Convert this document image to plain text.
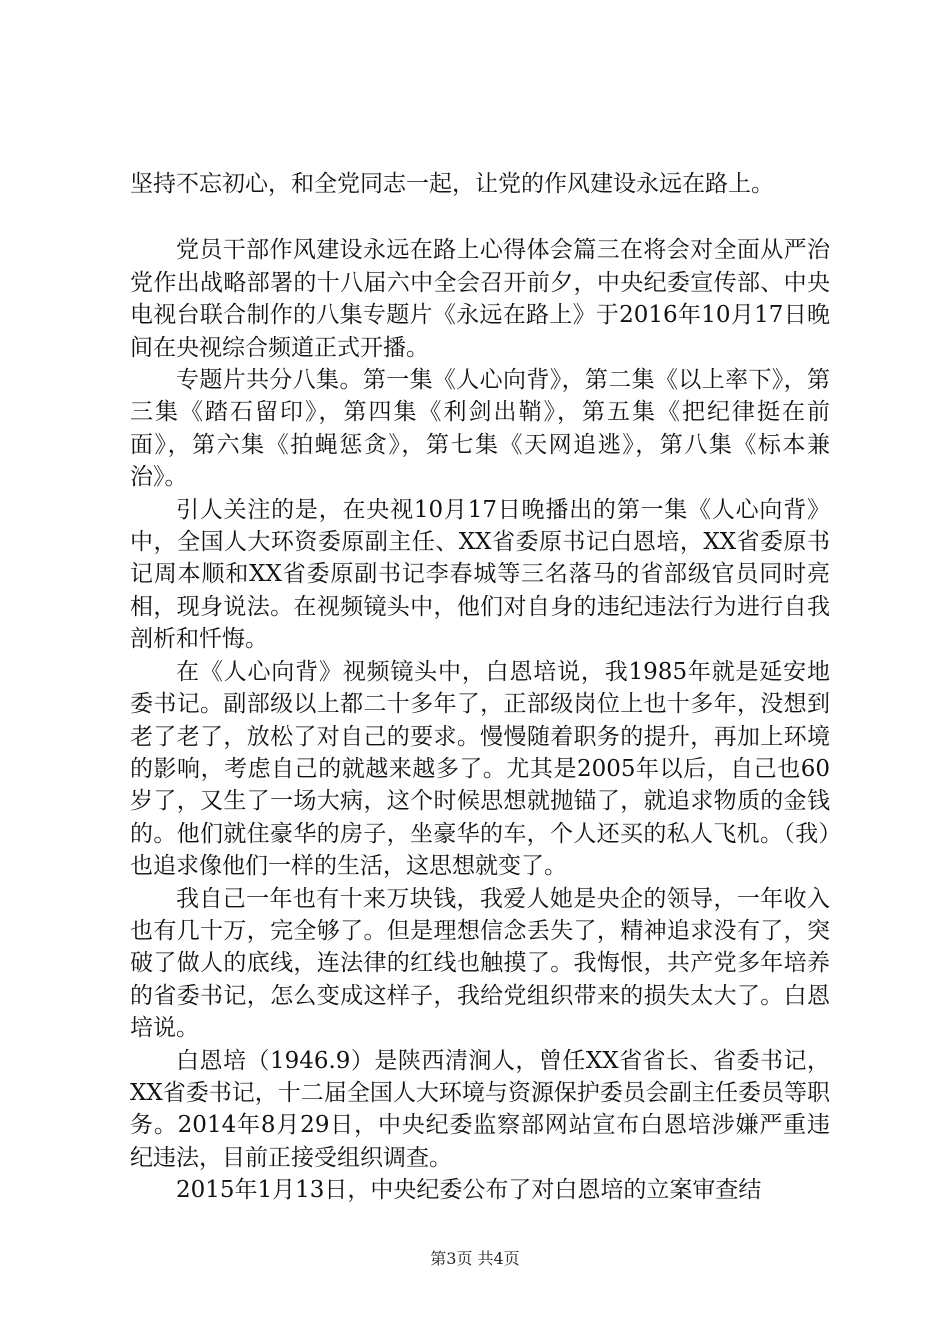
坚持不忘初心，和全党同志一起，让党的作风建设永远在路上。

党员干部作风建设永远在路上心得体会篇三在将会对全面从严治党作出战略部署的十八届六中全会召开前夕，中央纪委宣传部、中央电视台联合制作的八集专题片《永远在路上》于2016年10月17日晚间在央视综合频道正式开播。

专题片共分八集。第一集《人心向背》，第二集《以上率下》，第三集《踏石留印》，第四集《利剑出鞘》，第五集《把纪律挺在前面》，第六集《拍蝇惩贪》，第七集《天网追逃》，第八集《标本兼治》。

引人关注的是，在央视10月17日晚播出的第一集《人心向背》中，全国人大环资委原副主任、XX省委原书记白恩培，XX省委原书记周本顺和XX省委原副书记李春城等三名落马的省部级官员同时亮相，现身说法。在视频镜头中，他们对自身的违纪违法行为进行自我剖析和忏悔。

在《人心向背》视频镜头中，白恩培说，我1985年就是延安地委书记。副部级以上都二十多年了，正部级岗位上也十多年，没想到老了老了，放松了对自己的要求。慢慢随着职务的提升，再加上环境的影响，考虑自己的就越来越多了。尤其是2005年以后，自己也60岁了，又生了一场大病，这个时候思想就抛锚了，就追求物质的金钱的。他们就住豪华的房子，坐豪华的车，个人还买的私人飞机。（我）也追求像他们一样的生活，这思想就变了。

我自己一年也有十来万块钱，我爱人她是央企的领导，一年收入也有几十万，完全够了。但是理想信念丢失了，精神追求没有了，突破了做人的底线，连法律的红线也触摸了。我悔恨，共产党多年培养的省委书记，怎么变成这样子，我给党组织带来的损失太大了。白恩培说。

白恩培（1946.9）是陕西清涧人，曾任XX省省长、省委书记，XX省委书记，十二届全国人大环境与资源保护委员会副主任委员等职务。2014年8月29日，中央纪委监察部网站宣布白恩培涉嫌严重违纪违法，目前正接受组织调查。

2015年1月13日，中央纪委公布了对白恩培的立案审查结

第3页 共4页
